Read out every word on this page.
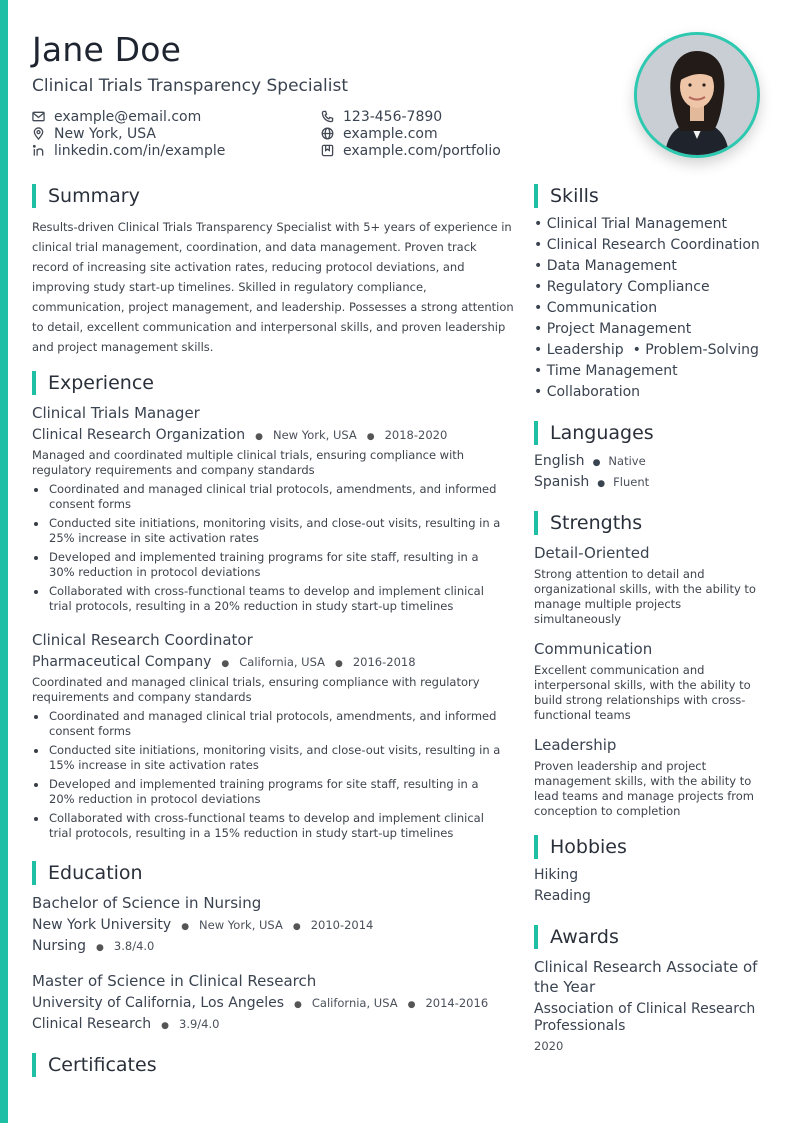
Jane Doe
Clinical Trials Transparency Specialist
example@email.com	123-456-7890
New York, USA	example.com
linkedin.com/in/example	example.com/portfolio
Summary
Results-driven Clinical Trials Transparency Specialist with 5+ years of experience in clinical trial management, coordination, and data management. Proven track record of increasing site activation rates, reducing protocol deviations, and improving study start-up timelines. Skilled in regulatory compliance, communication, project management, and leadership. Possesses a strong attention to detail, excellent communication and interpersonal skills, and proven leadership and project management skills.
Experience
Clinical Trials Manager
Clinical Research Organization ● New York, USA ● 2018-2020
Managed and coordinated multiple clinical trials, ensuring compliance with regulatory requirements and company standards
Coordinated and managed clinical trial protocols, amendments, and informed consent forms
Conducted site initiations, monitoring visits, and close-out visits, resulting in a 25% increase in site activation rates
Developed and implemented training programs for site staff, resulting in a 30% reduction in protocol deviations
Collaborated with cross-functional teams to develop and implement clinical trial protocols, resulting in a 20% reduction in study start-up timelines
Clinical Research Coordinator
Pharmaceutical Company ● California, USA ● 2016-2018
Coordinated and managed clinical trials, ensuring compliance with regulatory requirements and company standards
Coordinated and managed clinical trial protocols, amendments, and informed consent forms
Conducted site initiations, monitoring visits, and close-out visits, resulting in a 15% increase in site activation rates
Developed and implemented training programs for site staff, resulting in a 20% reduction in protocol deviations
Collaborated with cross-functional teams to develop and implement clinical trial protocols, resulting in a 15% reduction in study start-up timelines
Education
Bachelor of Science in Nursing
New York University ● New York, USA ● 2010-2014
Nursing ● 3.8/4.0
Master of Science in Clinical Research
University of California, Los Angeles ● California, USA ● 2014-2016
Clinical Research ● 3.9/4.0
Certificates
Skills
• Clinical Trial Management
• Clinical Research Coordination
• Data Management
• Regulatory Compliance
• Communication
• Project Management
• Leadership  • Problem-Solving
• Time Management
• Collaboration
Languages
English ● Native
Spanish ● Fluent
Strengths
Detail-Oriented
Strong attention to detail and organizational skills, with the ability to manage multiple projects simultaneously
Communication
Excellent communication and interpersonal skills, with the ability to build strong relationships with cross-functional teams
Leadership
Proven leadership and project management skills, with the ability to lead teams and manage projects from conception to completion
Hobbies
Hiking
Reading
Awards
Clinical Research Associate of the Year
Association of Clinical Research Professionals
2020
